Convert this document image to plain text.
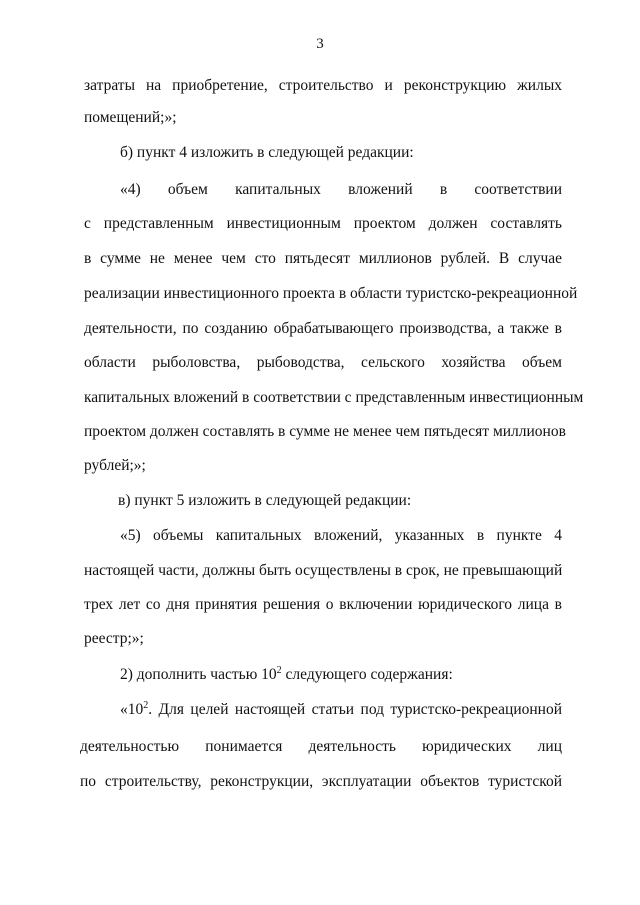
3
затраты на приобретение, строительство и реконструкцию жилых
помещений;»;
б) пункт 4 изложить в следующей редакции:
«4) объем капитальных вложений в соответствии
с представленным инвестиционным проектом должен составлять
в сумме не менее чем сто пятьдесят миллионов рублей. В случае
реализации инвестиционного проекта в области туристско-рекреационной
деятельности, по созданию обрабатывающего производства, а также в
области рыболовства, рыбоводства, сельского хозяйства объем
капитальных вложений в соответствии с представленным инвестиционным
проектом должен составлять в сумме не менее чем пятьдесят миллионов
рублей;»;
в) пункт 5 изложить в следующей редакции:
«5) объемы капитальных вложений, указанных в пункте 4
настоящей части, должны быть осуществлены в срок, не превышающий
трех лет со дня принятия решения о включении юридического лица в
реестр;»;
2) дополнить частью $10^2$ следующего содержания:
«$10^2$. Для целей настоящей статьи под туристско-рекреационной
деятельностью понимается деятельность юридических лиц
по строительству, реконструкции, эксплуатации объектов туристской
